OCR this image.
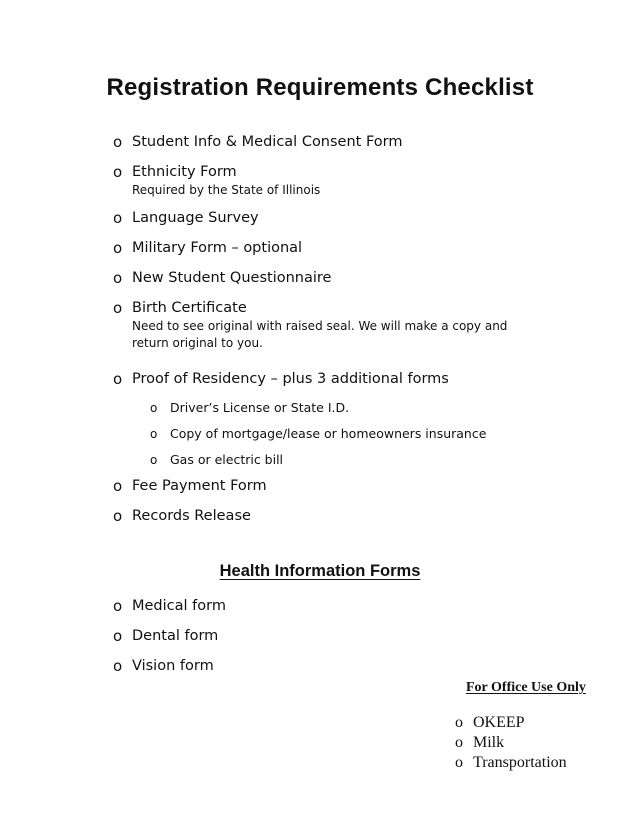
Registration Requirements Checklist
o Student Info & Medical Consent Form
o Ethnicity Form
Required by the State of Illinois
o Language Survey
o Military Form – optional
o New Student Questionnaire
o Birth Certificate
Need to see original with raised seal. We will make a copy and return original to you.
o Proof of Residency – plus 3 additional forms
o Driver’s License or State I.D.
o Copy of mortgage/lease or homeowners insurance
o Gas or electric bill
o Fee Payment Form
o Records Release
Health Information Forms
o Medical form
o Dental form
o Vision form
For Office Use Only
o OKEEP
o Milk
o Transportation
